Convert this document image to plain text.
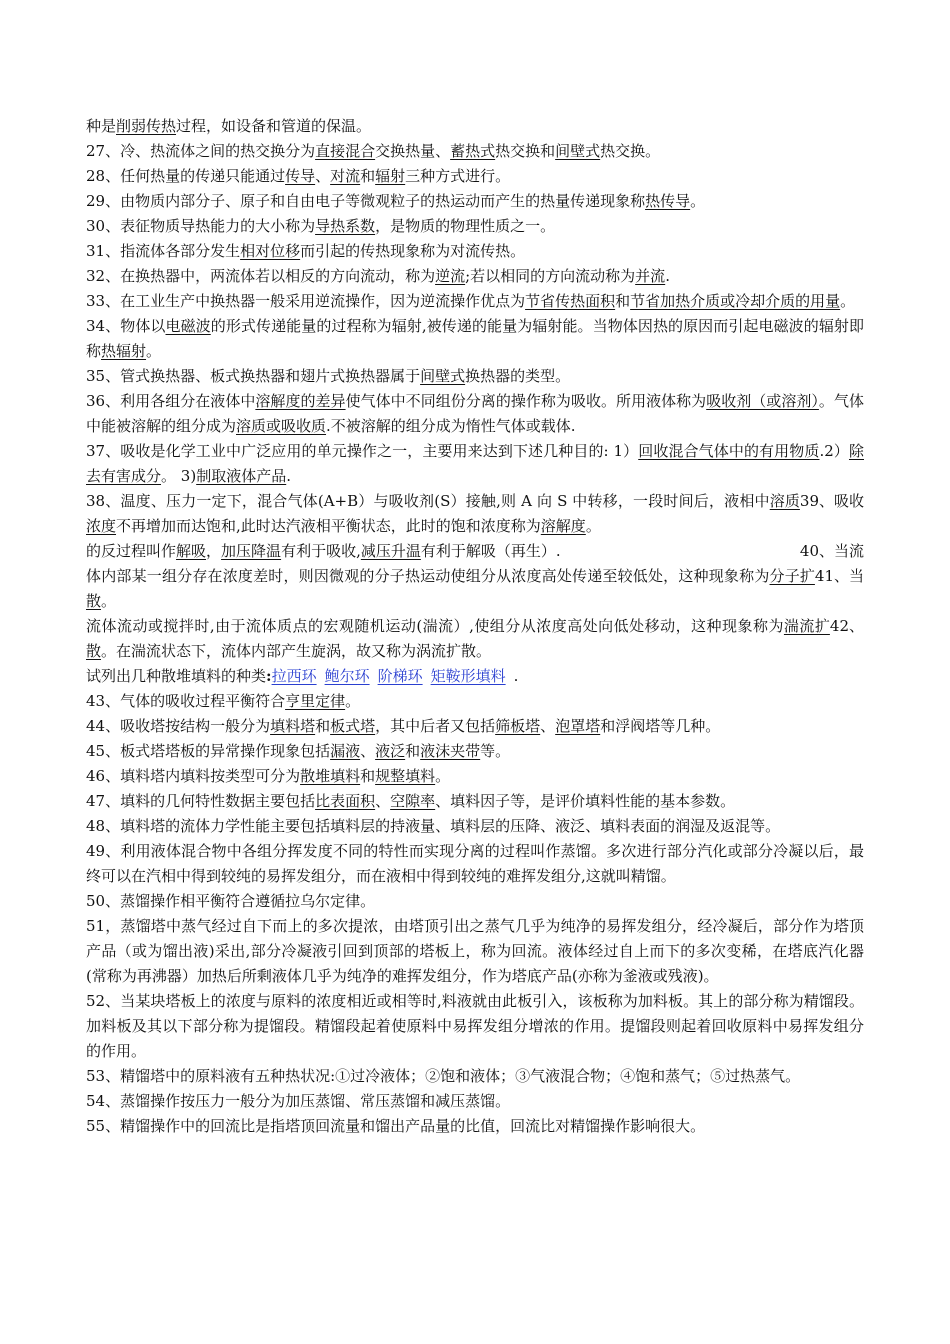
种是削弱传热过程，如设备和管道的保温。
27、冷、热流体之间的热交换分为直接混合交换热量、蓄热式热交换和间壁式热交换。
28、任何热量的传递只能通过传导、对流和辐射三种方式进行。
29、由物质内部分子、原子和自由电子等微观粒子的热运动而产生的热量传递现象称热传导。
30、表征物质导热能力的大小称为导热系数，是物质的物理性质之一。
31、指流体各部分发生相对位移而引起的传热现象称为对流传热。
32、在换热器中，两流体若以相反的方向流动，称为逆流;若以相同的方向流动称为并流.
33、在工业生产中换热器一般采用逆流操作，因为逆流操作优点为节省传热面积和节省加热介质或冷却介质的用量。
34、物体以电磁波的形式传递能量的过程称为辐射,被传递的能量为辐射能。当物体因热的原因而引起电磁波的辐射即称热辐射。
35、管式换热器、板式换热器和翅片式换热器属于间壁式换热器的类型。
36、利用各组分在液体中溶解度的差异使气体中不同组份分离的操作称为吸收。所用液体称为吸收剂（或溶剂）。气体中能被溶解的组分成为溶质或吸收质.不被溶解的组分成为惰性气体或载体.
37、吸收是化学工业中广泛应用的单元操作之一，主要用来达到下述几种目的: 1）回收混合气体中的有用物质.2）除去有害成分。 3)制取液体产品.
38、温度、压力一定下，混合气体(A+B）与吸收剂(S）接触,则 A 向 S 中转移，一段时间后，液相中溶质浓度不再增加而达饱和,此时达汽液相平衡状态，此时的饱和浓度称为溶解度。
39、吸收
的反过程叫作解吸，加压降温有利于吸收,减压升温有利于解吸（再生）.	40、当流
体内部某一组分存在浓度差时，则因微观的分子热运动使组分从浓度高处传递至较低处，这种现象称为分子扩散。
41、当
流体流动或搅拌时,由于流体质点的宏观随机运动(湍流）,使组分从浓度高处向低处移动，这种现象称为湍流扩散。在湍流状态下，流体内部产生旋涡，故又称为涡流扩散。
42、
试列出几种散堆填料的种类:拉西环 鲍尔环 阶梯环 矩鞍形填料 .
43、气体的吸收过程平衡符合亨里定律。
44、吸收塔按结构一般分为填料塔和板式塔，其中后者又包括筛板塔、泡罩塔和浮阀塔等几种。
45、板式塔塔板的异常操作现象包括漏液、液泛和液沫夹带等。
46、填料塔内填料按类型可分为散堆填料和规整填料。
47、填料的几何特性数据主要包括比表面积、空隙率、填料因子等，是评价填料性能的基本参数。
48、填料塔的流体力学性能主要包括填料层的持液量、填料层的压降、液泛、填料表面的润湿及返混等。
49、利用液体混合物中各组分挥发度不同的特性而实现分离的过程叫作蒸馏。多次进行部分汽化或部分冷凝以后，最终可以在汽相中得到较纯的易挥发组分，而在液相中得到较纯的难挥发组分,这就叫精馏。
50、蒸馏操作相平衡符合遵循拉乌尔定律。
51，蒸馏塔中蒸气经过自下而上的多次提浓，由塔顶引出之蒸气几乎为纯净的易挥发组分，经冷凝后，部分作为塔顶产品（或为馏出液)采出,部分冷凝液引回到顶部的塔板上，称为回流。液体经过自上而下的多次变稀，在塔底汽化器(常称为再沸器）加热后所剩液体几乎为纯净的难挥发组分，作为塔底产品(亦称为釜液或残液)。
52、当某块塔板上的浓度与原料的浓度相近或相等时,料液就由此板引入，该板称为加料板。其上的部分称为精馏段。加料板及其以下部分称为提馏段。精馏段起着使原料中易挥发组分增浓的作用。提馏段则起着回收原料中易挥发组分的作用。
53、精馏塔中的原料液有五种热状况:①过冷液体；②饱和液体；③气液混合物；④饱和蒸气；⑤过热蒸气。
54、蒸馏操作按压力一般分为加压蒸馏、常压蒸馏和减压蒸馏。
55、精馏操作中的回流比是指塔顶回流量和馏出产品量的比值，回流比对精馏操作影响很大。
